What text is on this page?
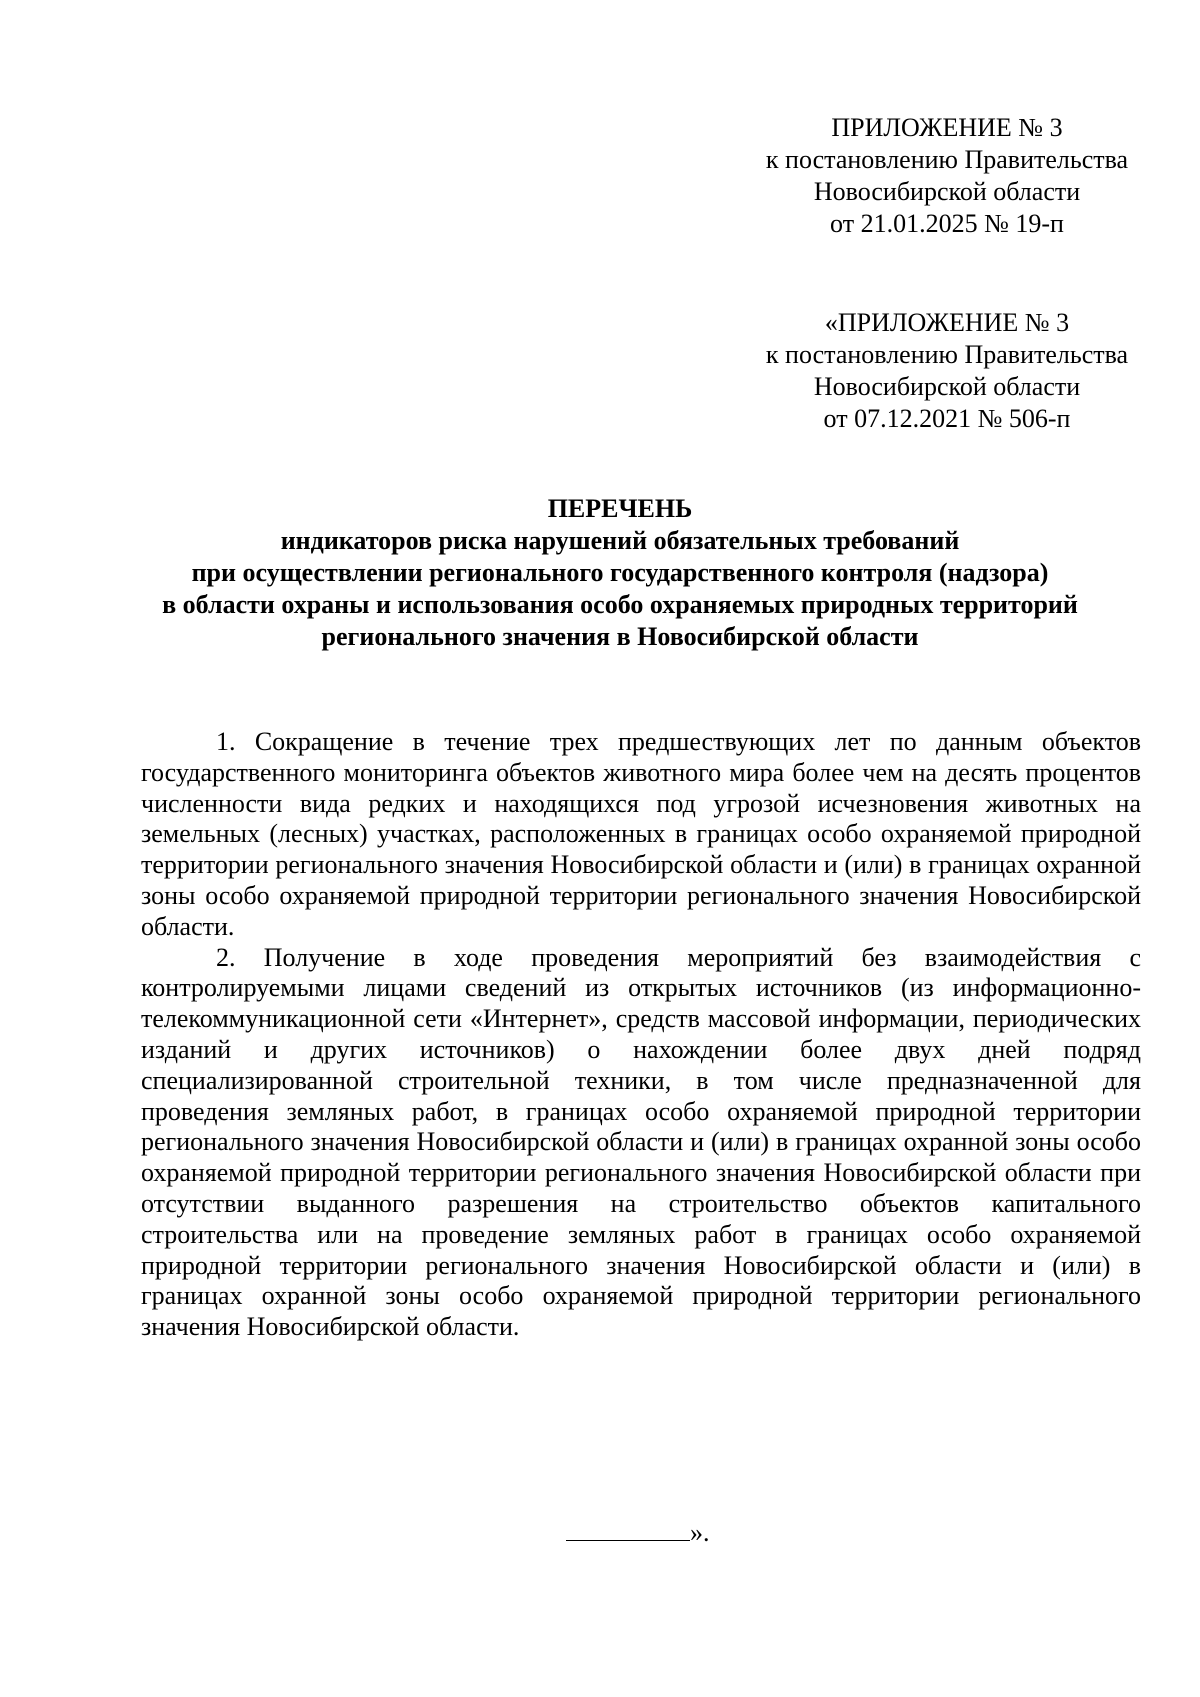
ПРИЛОЖЕНИЕ № 3
к постановлению Правительства
Новосибирской области
от 21.01.2025 № 19-п
«ПРИЛОЖЕНИЕ № 3
к постановлению Правительства
Новосибирской области
от 07.12.2021 № 506-п
ПЕРЕЧЕНЬ
индикаторов риска нарушений обязательных требований
при осуществлении регионального государственного контроля (надзора)
в области охраны и использования особо охраняемых природных территорий
регионального значения в Новосибирской области

1. Сокращение в течение трех предшествующих лет по данным объектов государственного мониторинга объектов животного мира более чем на десять процентов численности вида редких и находящихся под угрозой исчезновения животных на земельных (лесных) участках, расположенных в границах особо охраняемой природной территории регионального значения Новосибирской области и (или) в границах охранной зоны особо охраняемой природной территории регионального значения Новосибирской области.

2. Получение в ходе проведения мероприятий без взаимодействия с контролируемыми лицами сведений из открытых источников (из информационно-телекоммуникационной сети «Интернет», средств массовой информации, периодических изданий и других источников) о нахождении более двух дней подряд специализированной строительной техники, в том числе предназначенной для проведения земляных работ, в границах особо охраняемой природной территории регионального значения Новосибирской области и (или) в границах охранной зоны особо охраняемой природной территории регионального значения Новосибирской области при отсутствии выданного разрешения на строительство объектов капитального строительства или на проведение земляных работ в границах особо охраняемой природной территории регионального значения Новосибирской области и (или) в границах охранной зоны особо охраняемой природной территории регионального значения Новосибирской области.

».
